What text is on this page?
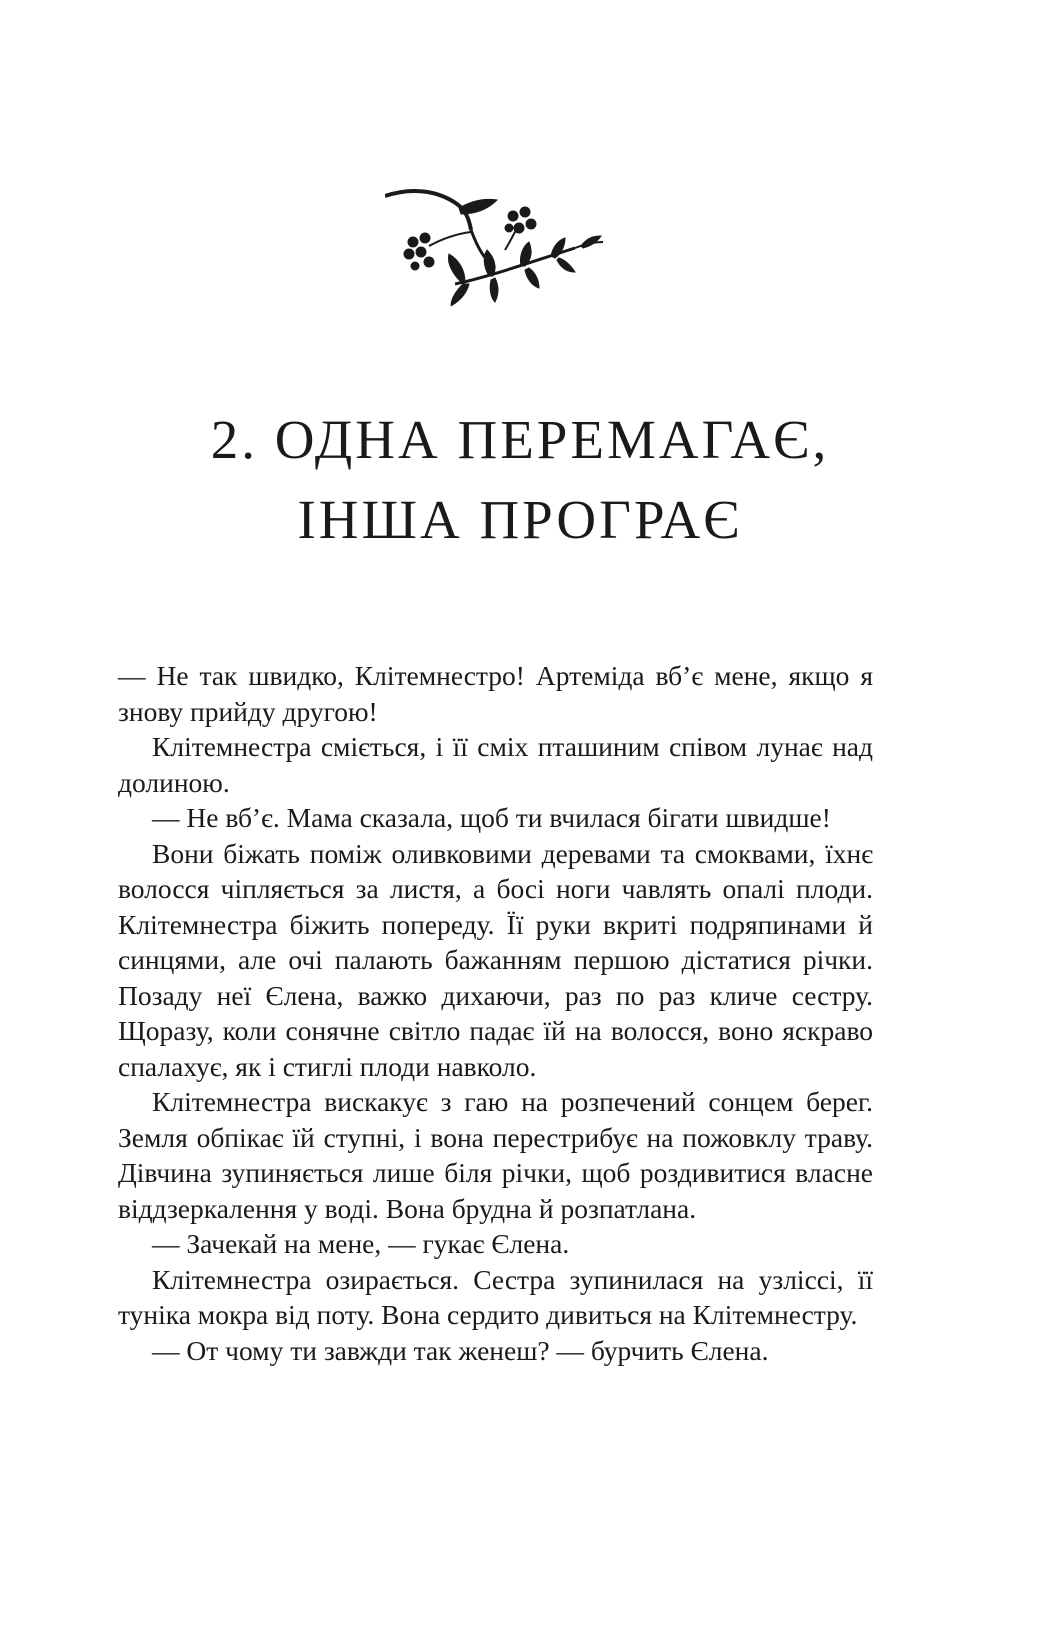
2. ОДНА ПЕРЕМАГАЄ,
ІНША ПРОГРАЄ

— Не так швидко, Клітемнестро! Артеміда вб’є мене, якщо я знову прийду другою!

Клітемнестра сміється, і її сміх пташиним співом лунає над долиною.

— Не вб’є. Мама сказала, щоб ти вчилася бігати швидше!

Вони біжать поміж оливковими деревами та смоквами, їхнє волосся чіпляється за листя, а босі ноги чавлять опалі плоди. Клітемнестра біжить попереду. Її руки вкриті подряпинами й синцями, але очі палають бажанням першою дістатися річки. Позаду неї Єлена, важко дихаючи, раз по раз кличе сестру. Щоразу, коли сонячне світло падає їй на волосся, воно яскраво спалахує, як і стиглі плоди навколо.

Клітемнестра вискакує з гаю на розпечений сонцем берег. Земля обпікає їй ступні, і вона перестрибує на пожовклу траву. Дівчина зупиняється лише біля річки, щоб роздивитися власне віддзеркалення у воді. Вона брудна й розпатлана.

— Зачекай на мене, — гукає Єлена.

Клітемнестра озирається. Сестра зупинилася на узліссі, її туніка мокра від поту. Вона сердито дивиться на Клітемнестру.

— От чому ти завжди так женеш? — бурчить Єлена.
